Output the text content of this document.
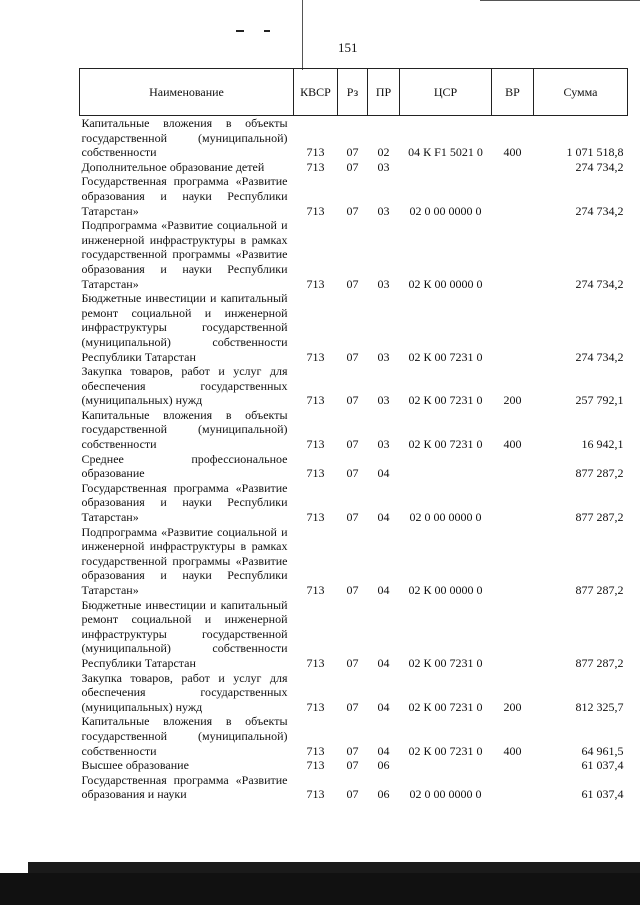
151
Наименование	КВСР	Рз	ПР	ЦСР	ВР	Сумма
Капитальные вложения в объекты государственной (муниципальной) собственности	713	07	02	04 К F1 5021 0	400	1 071 518,8
Дополнительное образование детей	713	07	03			274 734,2
Государственная программа «Развитие образования и науки Республики Татарстан»	713	07	03	02 0 00 0000 0		274 734,2
Подпрограмма «Развитие социальной и инженерной инфраструктуры в рамках государственной программы «Развитие образования и науки Республики Татарстан»	713	07	03	02 К 00 0000 0		274 734,2
Бюджетные инвестиции и капитальный ремонт социальной и инженерной инфраструктуры государственной (муниципальной) собственности Республики Татарстан	713	07	03	02 К 00 7231 0		274 734,2
Закупка товаров, работ и услуг для обеспечения государственных (муниципальных) нужд	713	07	03	02 К 00 7231 0	200	257 792,1
Капитальные вложения в объекты государственной (муниципальной) собственности	713	07	03	02 К 00 7231 0	400	16 942,1
Среднее профессиональное образование	713	07	04			877 287,2
Государственная программа «Развитие образования и науки Республики Татарстан»	713	07	04	02 0 00 0000 0		877 287,2
Подпрограмма «Развитие социальной и инженерной инфраструктуры в рамках государственной программы «Развитие образования и науки Республики Татарстан»	713	07	04	02 К 00 0000 0		877 287,2
Бюджетные инвестиции и капитальный ремонт социальной и инженерной инфраструктуры государственной (муниципальной) собственности Республики Татарстан	713	07	04	02 К 00 7231 0		877 287,2
Закупка товаров, работ и услуг для обеспечения государственных (муниципальных) нужд	713	07	04	02 К 00 7231 0	200	812 325,7
Капитальные вложения в объекты государственной (муниципальной) собственности	713	07	04	02 К 00 7231 0	400	64 961,5
Высшее образование	713	07	06			61 037,4
Государственная программа «Развитие образования и науки	713	07	06	02 0 00 0000 0		61 037,4
